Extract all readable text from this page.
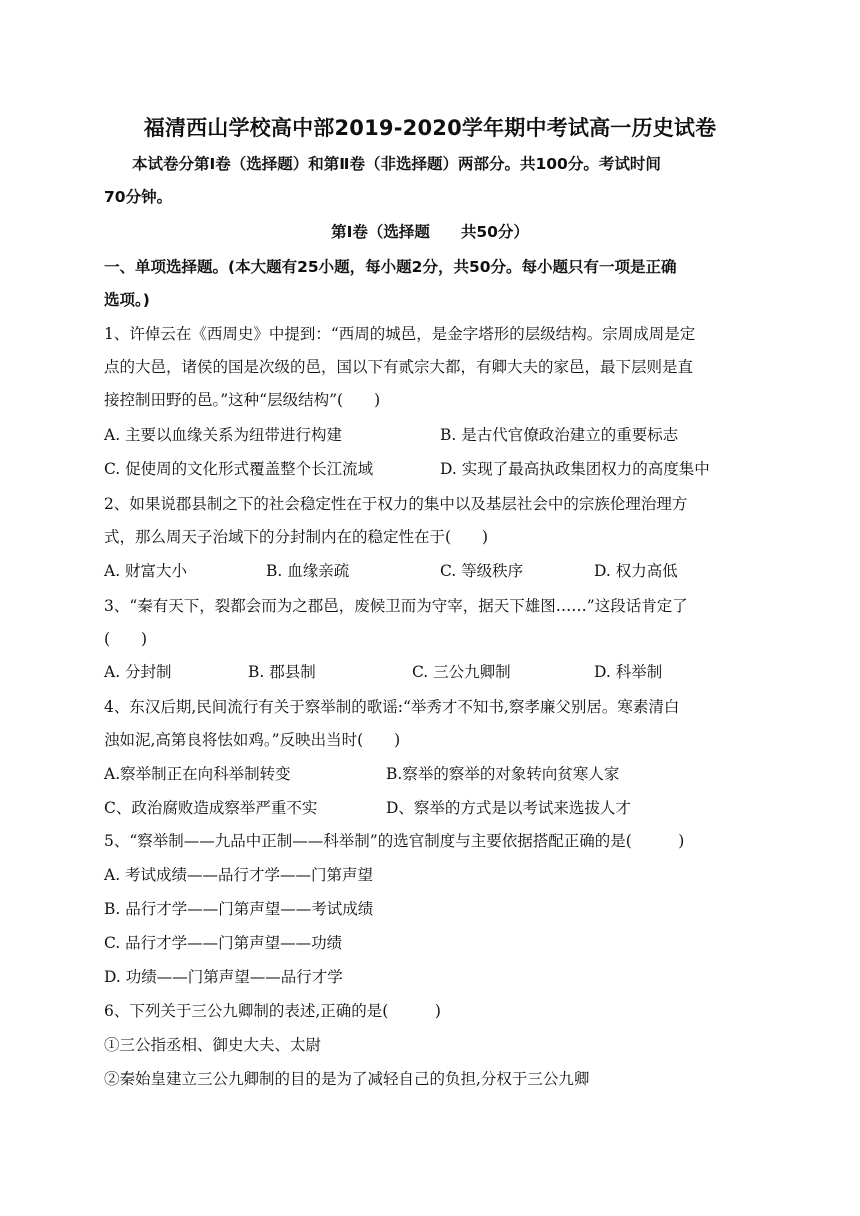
福清西山学校高中部2019-2020学年期中考试高一历史试卷
本试卷分第Ⅰ卷（选择题）和第Ⅱ卷（非选择题）两部分。共100分。考试时间
70分钟。
第Ⅰ卷（选择题　　共50分）
一、单项选择题。(本大题有25小题，每小题2分，共50分。每小题只有一项是正确
选项。)
1、许倬云在《西周史》中提到：“西周的城邑，是金字塔形的层级结构。宗周成周是定
点的大邑，诸侯的国是次级的邑，国以下有贰宗大都，有卿大夫的家邑，最下层则是直
接控制田野的邑。”这种“层级结构”(　　)
A. 主要以血缘关系为纽带进行构建	B. 是古代官僚政治建立的重要标志
C. 促使周的文化形式覆盖整个长江流域	D. 实现了最高执政集团权力的高度集中
2、如果说郡县制之下的社会稳定性在于权力的集中以及基层社会中的宗族伦理治理方
式，那么周天子治域下的分封制内在的稳定性在于(　　)
A. 财富大小	B. 血缘亲疏	C. 等级秩序	D. 权力高低
3、“秦有天下，裂都会而为之郡邑，废候卫而为守宰，据天下雄图……”这段话肯定了
(　　)
A. 分封制	B. 郡县制	C. 三公九卿制	D. 科举制
4、东汉后期,民间流行有关于察举制的歌谣:“举秀才不知书,察孝廉父别居。寒素清白
浊如泥,高第良将怯如鸡。”反映出当时(　　)
A.察举制正在向科举制转变	B.察举的察举的对象转向贫寒人家
C、政治腐败造成察举严重不实	D、察举的方式是以考试来选拔人才
5、“察举制——九品中正制——科举制”的选官制度与主要依据搭配正确的是(　　　)
A. 考试成绩——品行才学——门第声望
B. 品行才学——门第声望——考试成绩
C. 品行才学——门第声望——功绩
D. 功绩——门第声望——品行才学
6、下列关于三公九卿制的表述,正确的是(　　　)
①三公指丞相、御史大夫、太尉
②秦始皇建立三公九卿制的目的是为了减轻自己的负担,分权于三公九卿
